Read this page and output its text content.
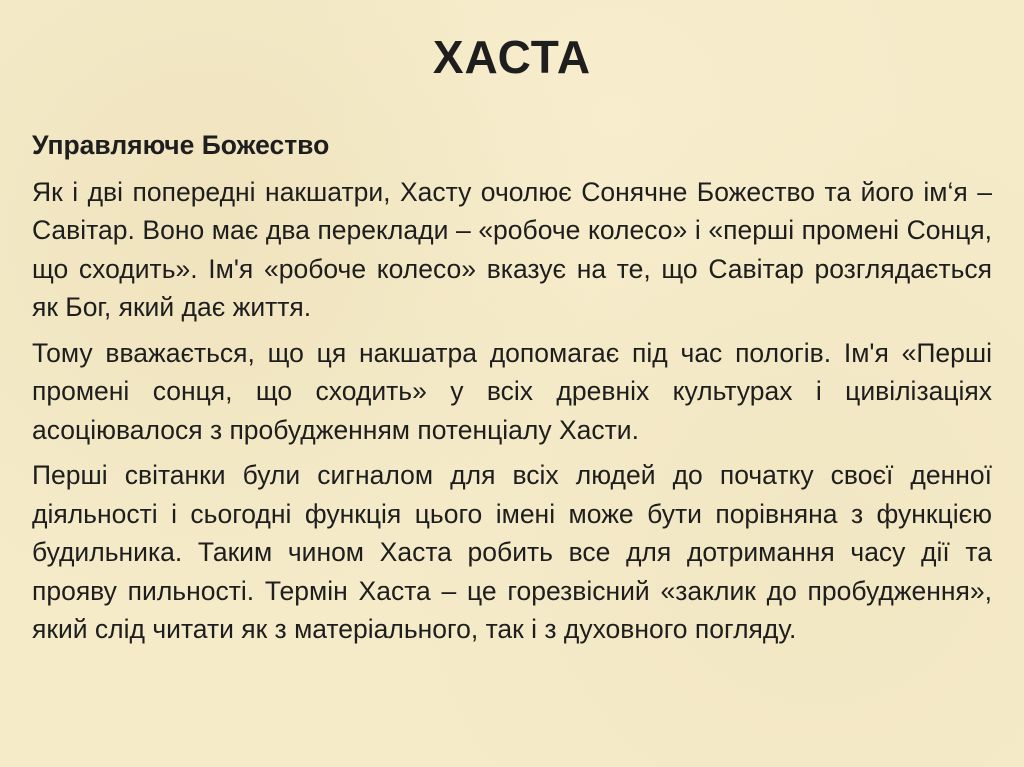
ХАСТА
Управляюче Божество

Як і дві попередні накшатри, Хасту очолює Сонячне Божество та його ім‘я – Савітар. Воно має два переклади – «робоче колесо» і «перші промені Сонця, що сходить». Ім'я «робоче колесо» вказує на те, що Савітар розглядається як Бог, який дає життя.

Тому вважається, що ця накшатра допомагає під час пологів. Ім'я «Перші промені сонця, що сходить» у всіх древніх культурах і цивілізаціях асоціювалося з пробудженням потенціалу Хасти.

Перші світанки були сигналом для всіх людей до початку своєї денної діяльності і сьогодні функція цього імені може бути порівняна з функцією будильника. Таким чином Хаста робить все для дотримання часу дії та прояву пильності. Термін Хаста – це горезвісний «заклик до пробудження», який слід читати як з матеріального, так і з духовного погляду.
